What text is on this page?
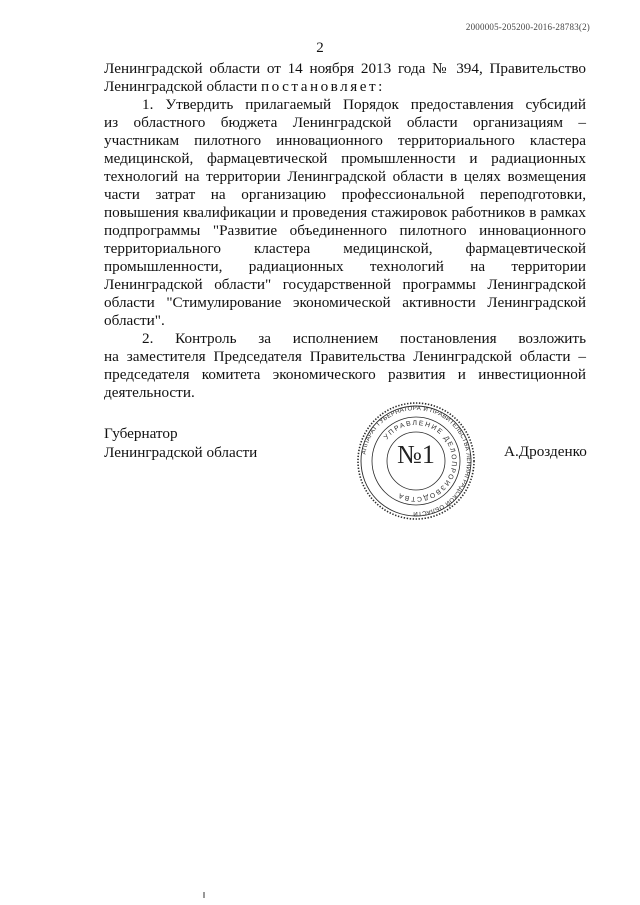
2000005-205200-2016-28783(2)
2
Ленинградской области от 14 ноября 2013 года № 394, Правительство
Ленинградской области постановляет:
1. Утвердить прилагаемый Порядок предоставления субсидий
из областного бюджета Ленинградской области организациям –
участникам пилотного инновационного территориального кластера
медицинской, фармацевтической промышленности и радиационных
технологий на территории Ленинградской области в целях возмещения
части затрат на организацию профессиональной переподготовки,
повышения квалификации и проведения стажировок работников в рамках
подпрограммы "Развитие объединенного пилотного инновационного
территориального кластера медицинской, фармацевтической
промышленности, радиационных технологий на территории
Ленинградской области" государственной программы Ленинградской
области "Стимулирование экономической активности Ленинградской
области".
2. Контроль за исполнением постановления возложить
на заместителя Председателя Правительства Ленинградской области –
председателя комитета экономического развития и инвестиционной
деятельности.
Губернатор
Ленинградской области	АППАРАТ ГУБЕРНАТОРА И ПРАВИТЕЛЬСТВА ЛЕНИНГРАДСКОЙ ОБЛАСТИ
УПРАВЛЕНИЕ ДЕЛОПРОИЗВОДСТВА
№1	А.Дрозденко
